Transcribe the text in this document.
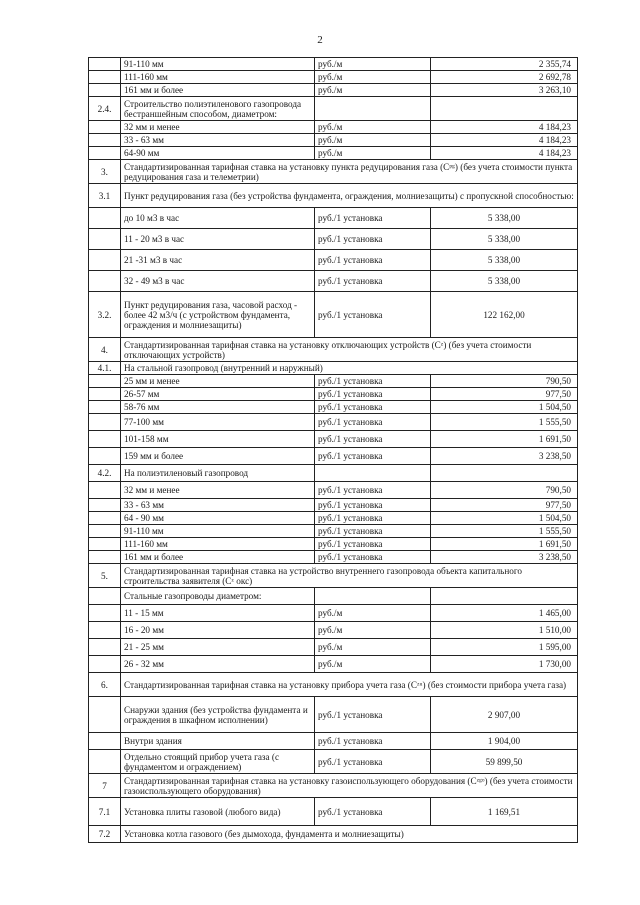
2
	91-110 мм	руб./м	2 355,74
	111-160 мм	руб./м	2 692,78
	161 мм и более	руб./м	3 263,10
2.4.	Строительство полиэтиленового газопровода бестраншейным способом, диаметром:		
	32 мм и менее	руб./м	4 184,23
	33 - 63 мм	руб./м	4 184,23
	64-90 мм	руб./м	4 184,23
3.	Стандартизированная тарифная ставка на установку пункта редуцирования газа (Сᵖᵍ) (без учета стоимости пункта редуцирования газа и телеметрии)		
3.1	Пункт редуцирования газа (без устройства фундамента, ограждения, молниезащиты) с пропускной способностью:		
	до 10 м3 в час	руб./1 установка	5 338,00
	11 - 20 м3 в час	руб./1 установка	5 338,00
	21 -31 м3 в час	руб./1 установка	5 338,00
	32 - 49 м3 в час	руб./1 установка	5 338,00
3.2.	Пункт редуцирования газа, часовой расход - более 42 м3/ч (с устройством фундамента, ограждения и молниезащиты)	руб./1 установка	122 162,00
4.	Стандартизированная тарифная ставка на установку отключающих устройств (Cᶻ) (без учета стоимости отключающих устройств)		
4.1.	На стальной газопровод (внутренний и наружный)		
	25 мм и менее	руб./1 установка	790,50
	26-57 мм	руб./1 установка	977,50
	58-76 мм	руб./1 установка	1 504,50
	77-100 мм	руб./1 установка	1 555,50
	101-158 мм	руб./1 установка	1 691,50
	159 мм и более	руб./1 установка	3 238,50
4.2.	На полиэтиленовый газопровод		
	32 мм и менее	руб./1 установка	790,50
	33 - 63 мм	руб./1 установка	977,50
	64 - 90 мм	руб./1 установка	1 504,50
	91-110 мм	руб./1 установка	1 555,50
	111-160 мм	руб./1 установка	1 691,50
	161 мм и более	руб./1 установка	3 238,50
5.	Стандартизированная тарифная ставка на устройство внутреннего газопровода объекта капитального строительства заявителя (Cᶻ окс)		
	Стальные газопроводы диаметром:		
	11 - 15 мм	руб./м	1 465,00
	16 - 20 мм	руб./м	1 510,00
	21 - 25 мм	руб./м	1 595,00
	26 - 32 мм	руб./м	1 730,00
6.	Стандартизированная тарифная ставка на установку прибора учета газа (Cᶻᵘ) (без стоимости прибора учета газа)		
	Снаружи здания (без устройства фундамента и ограждения в шкафном исполнении)	руб./1 установка	2 907,00
	Внутри здания	руб./1 установка	1 904,00
	Отдельно стоящий прибор учета газа (с фундаментом и ограждением)	руб./1 установка	59 899,50
7	Стандартизированная тарифная ставка на установку газоиспользующего оборудования (Cᶻᵍᵒ) (без учета стоимости газоиспользующего оборудования)		
7.1	Установка плиты газовой (любого вида)	руб./1 установка	1 169,51
7.2	Установка котла газового (без дымохода, фундамента и молниезащиты)		
